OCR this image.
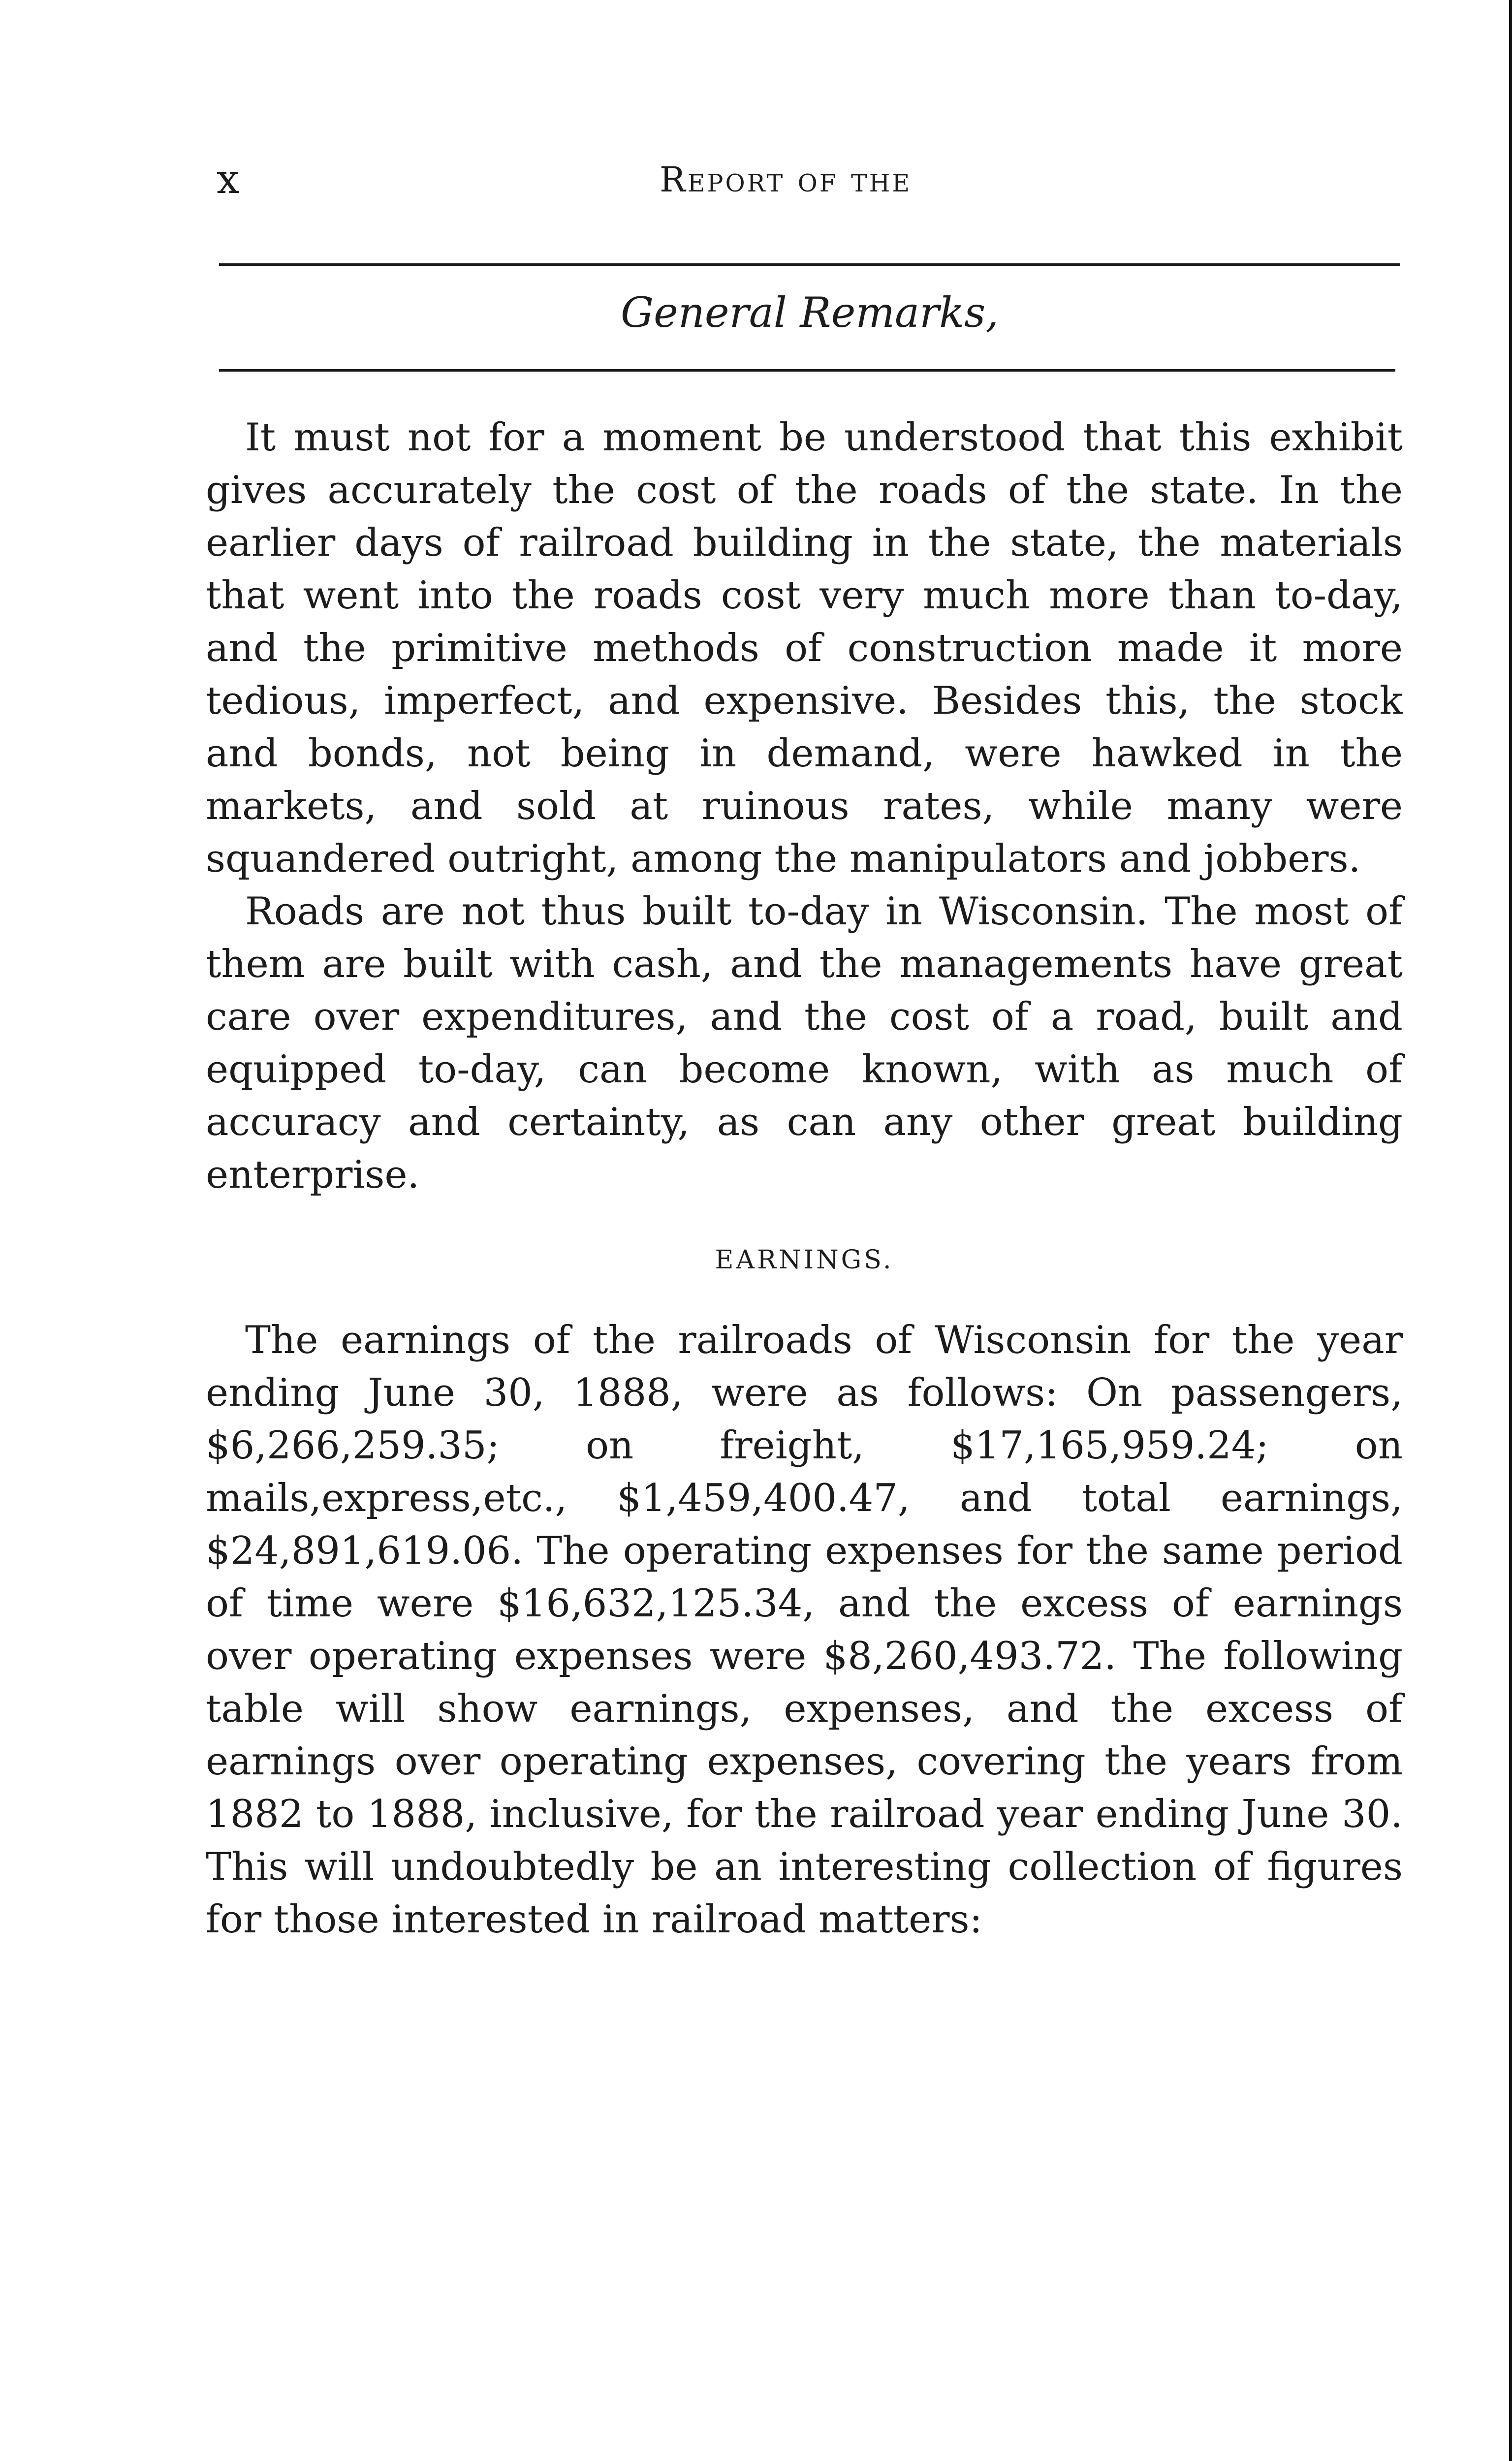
x	Report of the
General Remarks,

It must not for a moment be understood that this exhibit gives accurately the cost of the roads of the state. In the earlier days of railroad building in the state, the materials that went into the roads cost very much more than to-day, and the primitive methods of construction made it more tedious, imperfect, and expensive. Besides this, the stock and bonds, not being in demand, were hawked in the markets, and sold at ruinous rates, while many were squandered outright, among the manipulators and jobbers.

Roads are not thus built to-day in Wisconsin. The most of them are built with cash, and the managements have great care over expenditures, and the cost of a road, built and equipped to-day, can become known, with as much of accuracy and certainty, as can any other great building enterprise.

EARNINGS.

The earnings of the railroads of Wisconsin for the year ending June 30, 1888, were as follows: On passengers, $6,266,259.35; on freight, $17,165,959.24; on mails,express,etc., $1,459,400.47, and total earnings, $24,891,619.06. The operating expenses for the same period of time were $16,632,125.34, and the excess of earnings over operating expenses were $8,260,493.72. The following table will show earnings, expenses, and the excess of earnings over operating expenses, covering the years from 1882 to 1888, inclusive, for the railroad year ending June 30. This will undoubtedly be an interesting collection of figures for those interested in railroad matters:
